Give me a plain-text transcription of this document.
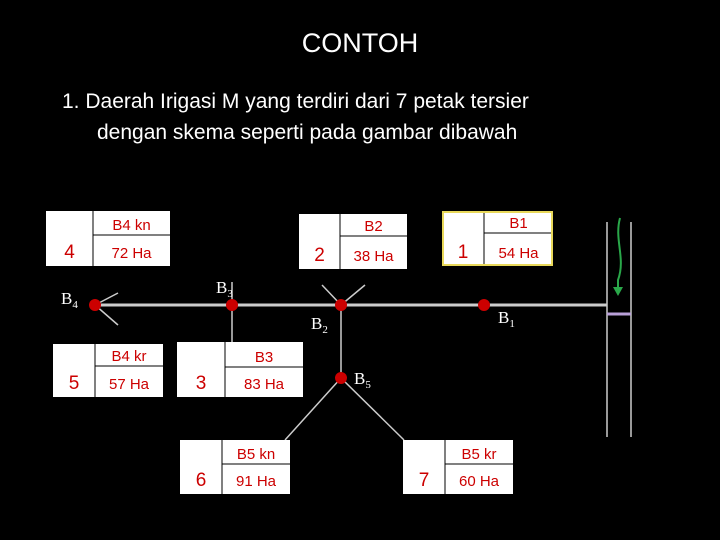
CONTOH
1. Daerah Irigasi M yang terdiri dari 7 petak tersier
dengan skema seperti pada gambar dibawah
4
B4 kn
72 Ha	2
B2
38 Ha	1
B1
54 Ha
5
B4 kr
57 Ha 3
B3
83 Ha
6
B5 kn
91 Ha	7
B5 kr
60 Ha
$B_4$
$B_3$
$B_2$
$B_1$
$B_5$
